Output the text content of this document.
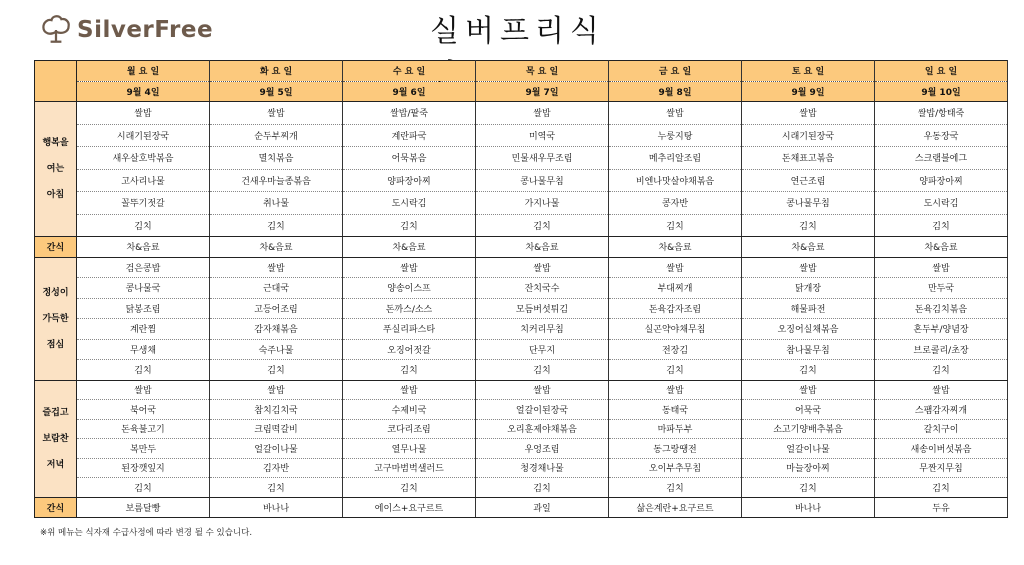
SilverFree	실버프리식
	월 요 일	화 요 일	수 요 일	목 요 일	금 요 일	토 요 일	일 요 일
	9월 4일	9월 5일	9월 6일	9월 7일	9월 8일	9월 9일	9월 10일

행복을
여는
아침	쌀밥	쌀밥	쌀밥/팥죽	쌀밥	쌀밥	쌀밥	쌀밥/항태죽
	시래기된장국	순두부찌개	계란파국	미역국	누룽지탕	시래기된장국	우동장국
	새우살호박볶음	멸치볶음	어묵볶음	민물새우무조림	메추리알조림	돈채표고볶음	스크램블에그
	고사리나물	건새우마늘종볶음	양파장아찌	콩나물무침	비엔나맛살야채볶음	연근조림	양파장아찌
	꼴뚜기젓갈	취나물	도시락김	가지나물	콩자반	콩나물무침	도시락김
	김치	김치	김치	김치	김치	김치	김치
간식	차&음료	차&음료	차&음료	차&음료	차&음료	차&음료	차&음료

정성이
가득한
점심	검은콩밥	쌀밥	쌀밥	쌀밥	쌀밥	쌀밥	쌀밥
	콩나물국	근대국	양송이스프	잔치국수	부대찌개	닭개장	만두국
	닭봉조림	고등어조림	돈까스/소스	모듬버섯튀김	돈육감자조림	해물파전	돈육김치볶음
	계란찜	감자채볶음	푸실리파스타	치커리무침	실곤약야채무침	오징어실채볶음	혼두부/양념장
	무생채	숙주나물	오징어젓갈	단무지	전장김	참나물무침	브로콜리/초장
	김치	김치	김치	김치	김치	김치	김치

즐겁고
보람찬
저녁	쌀밥	쌀밥	쌀밥	쌀밥	쌀밥	쌀밥	쌀밥
	북어국	참치김치국	수제비국	얼갈이된장국	동태국	어묵국	스팸감자찌개
	돈육불고기	크림떡갈비	코다리조림	오리훈제야채볶음	마파두부	소고기양배추볶음	갈치구이
	복만두	얼갈이나물	열무나물	우엉조림	동그랑땡전	얼갈이나물	새송이버섯볶음
	된장깻잎지	김자반	고구마범벅샐러드	청경채나물	오이부추무침	마늘장아찌	무짠지무침
	김치	김치	김치	김치	김치	김치	김치
간식	보름달빵	바나나	에이스+요구르트	과일	삶은계란+요구르트	바나나	두유
※위 메뉴는 식자재 수급사정에 따라 변경 될 수 있습니다.
